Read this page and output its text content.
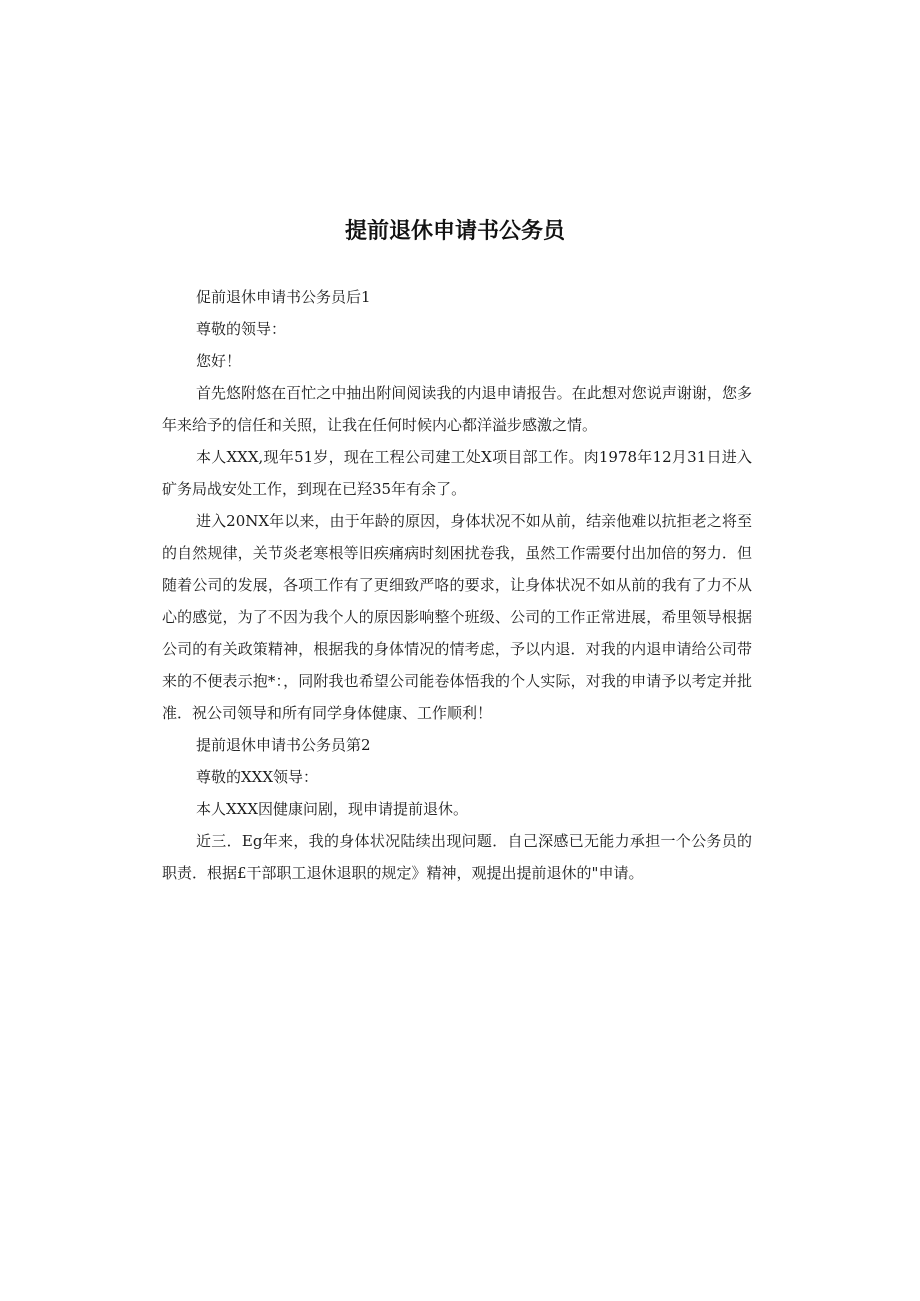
提前退休申请书公务员

促前退休申请书公务员后1

尊敬的领导：

您好！

首先悠附悠在百忙之中抽出附间阅读我的内退申请报告。在此想对您说声谢谢，您多年来给予的信任和关照，让我在任何时候内心都洋溢步感激之情。

本人XXX,现年51岁，现在工程公司建工处X项目部工作。肉1978年12月31日进入矿务局战安处工作，到现在已羟35年有余了。

进入20NX年以来，由于年龄的原因，身体状况不如从前，结亲他难以抗拒老之将至的自然规律，关节炎老寒根等旧疾痛病时刻困扰卷我，虽然工作需要付出加倍的努力．但随着公司的发展，各项工作有了更细致严咯的要求，让身体状况不如从前的我有了力不从心的感觉，为了不因为我个人的原因影响整个班级、公司的工作正常进展，希里领导根据公司的有关政策精神，根据我的身体情况的情考虑，予以内退．对我的内退申请给公司带来的不便表示抱*：，同附我也希望公司能卷体悟我的个人实际，对我的申请予以考定并批准．祝公司领导和所有同学身体健康、工作顺利！

提前退休申请书公务员第2

尊敬的XXX领导：

本人XXX因健康问剧，现申请提前退休。

近三．Eg年来，我的身体状况陆续出现问题．自己深感已无能力承担一个公务员的职责．根据£干部职工退休退职的规定》精神，观提出提前退休的"申请。
